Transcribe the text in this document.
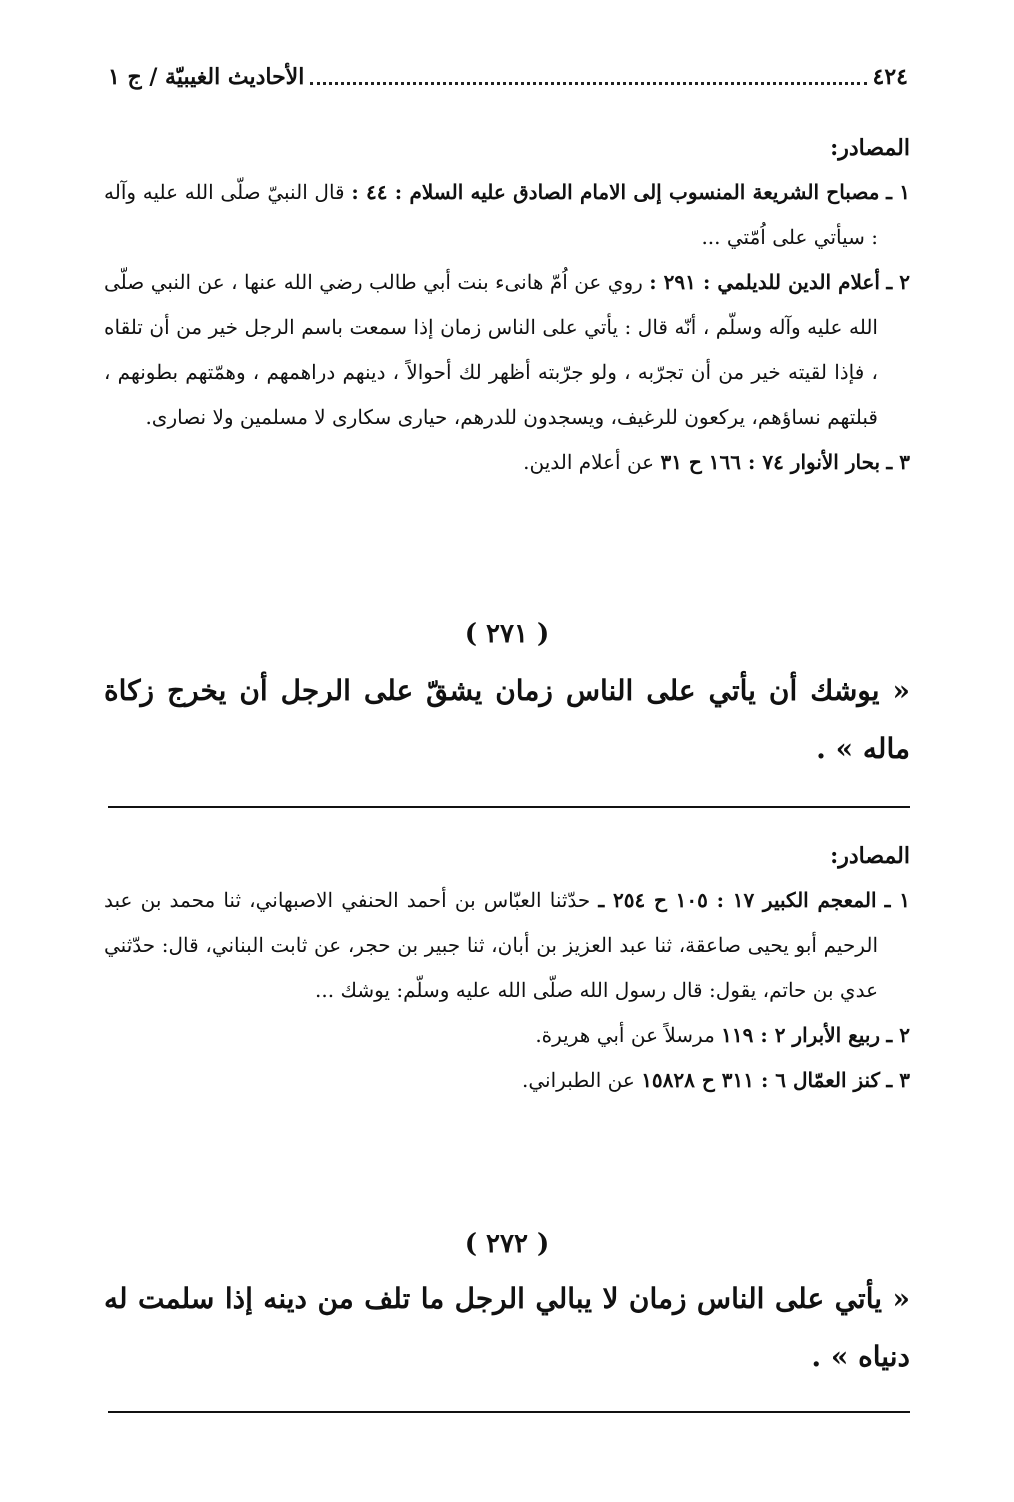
٤٢٤
الأحاديث الغيبيّة / ج ١
المصادر:

١ ـ مصباح الشريعة المنسوب إلى الامام الصادق عليه السلام : ٤٤ : قال النبيّ صلّى الله عليه وآله : سيأتي على اُمّتي ...

٢ ـ أعلام الدين للديلمي : ٢٩١ : روي عن اُمّ هانىء بنت أبي طالب رضي الله عنها ، عن النبي صلّى الله عليه وآله وسلّم ، أنّه قال : يأتي على الناس زمان إذا سمعت باسم الرجل خير من أن تلقاه ، فإذا لقيته خير من أن تجرّبه ، ولو جرّبته أظهر لك أحوالاً ، دينهم دراهمهم ، وهمّتهم بطونهم ، قبلتهم نساؤهم، يركعون للرغيف، ويسجدون للدرهم، حيارى سكارى لا مسلمين ولا نصارى.

٣ ـ بحار الأنوار ٧٤ : ١٦٦ ح ٣١ عن أعلام الدين.

( ٢٧١ )

« يوشك أن يأتي على الناس زمان يشقّ على الرجل أن يخرج زكاة ماله » .

المصادر:

١ ـ المعجم الكبير ١٧ : ١٠٥ ح ٢٥٤ ـ حدّثنا العبّاس بن أحمد الحنفي الاصبهاني، ثنا محمد بن عبد الرحيم أبو يحيى صاعقة، ثنا عبد العزيز بن أبان، ثنا جبير بن حجر، عن ثابت البناني، قال: حدّثني عدي بن حاتم، يقول: قال رسول الله صلّى الله عليه وسلّم: يوشك ...

٢ ـ ربيع الأبرار ٢ : ١١٩ مرسلاً عن أبي هريرة.

٣ ـ كنز العمّال ٦ : ٣١١ ح ١٥٨٢٨ عن الطبراني.

( ٢٧٢ )

« يأتي على الناس زمان لا يبالي الرجل ما تلف من دينه إذا سلمت له دنياه » .
